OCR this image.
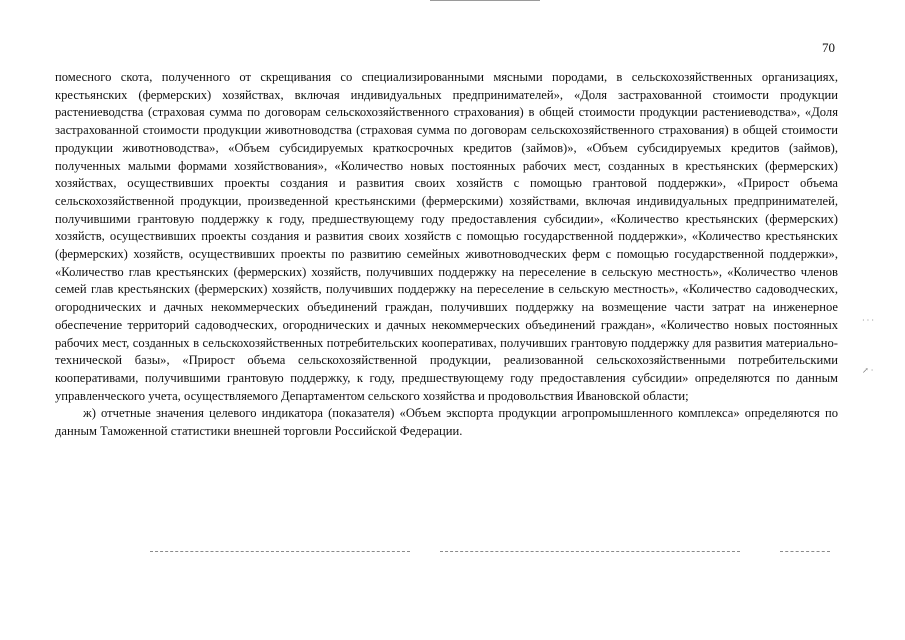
70

помесного скота, полученного от скрещивания со специализированными мясными породами, в сельскохозяйственных организациях, крестьянских (фермерских) хозяйствах, включая индивидуальных предпринимателей», «Доля застрахованной стоимости продукции растениеводства (страховая сумма по договорам сельскохозяйственного страхования) в общей стоимости продукции растениеводства», «Доля застрахованной стоимости продукции животноводства (страховая сумма по договорам сельскохозяйственного страхования) в общей стоимости продукции животноводства», «Объем субсидируемых краткосрочных кредитов (займов)», «Объем субсидируемых кредитов (займов), полученных малыми формами хозяйствования», «Количество новых постоянных рабочих мест, созданных в крестьянских (фермерских) хозяйствах, осуществивших проекты создания и развития своих хозяйств с помощью грантовой поддержки», «Прирост объема сельскохозяйственной продукции, произведенной крестьянскими (фермерскими) хозяйствами, включая индивидуальных предпринимателей, получившими грантовую поддержку к году, предшествующему году предоставления субсидии», «Количество крестьянских (фермерских) хозяйств, осуществивших проекты создания и развития своих хозяйств с помощью государственной поддержки», «Количество крестьянских (фермерских) хозяйств, осуществивших проекты по развитию семейных животноводческих ферм с помощью государственной поддержки», «Количество глав крестьянских (фермерских) хозяйств, получивших поддержку на переселение в сельскую местность», «Количество членов семей глав крестьянских (фермерских) хозяйств, получивших поддержку на переселение в сельскую местность», «Количество садоводческих, огороднических и дачных некоммерческих объединений граждан, получивших поддержку на возмещение части затрат на инженерное обеспечение территорий садоводческих, огороднических и дачных некоммерческих объединений граждан», «Количество новых постоянных рабочих мест, созданных в сельскохозяйственных потребительских кооперативах, получивших грантовую поддержку для развития материально-технической базы», «Прирост объема сельскохозяйственной продукции, реализованной сельскохозяйственными потребительскими кооперативами, получившими грантовую поддержку, к году, предшествующему году предоставления субсидии» определяются по данным управленческого учета, осуществляемого Департаментом сельского хозяйства и продовольствия Ивановской области;

ж) отчетные значения целевого индикатора (показателя) «Объем экспорта продукции агропромышленного комплекса» определяются по данным Таможенной статистики внешней торговли Российской Федерации.

· · ·
↗ ·
